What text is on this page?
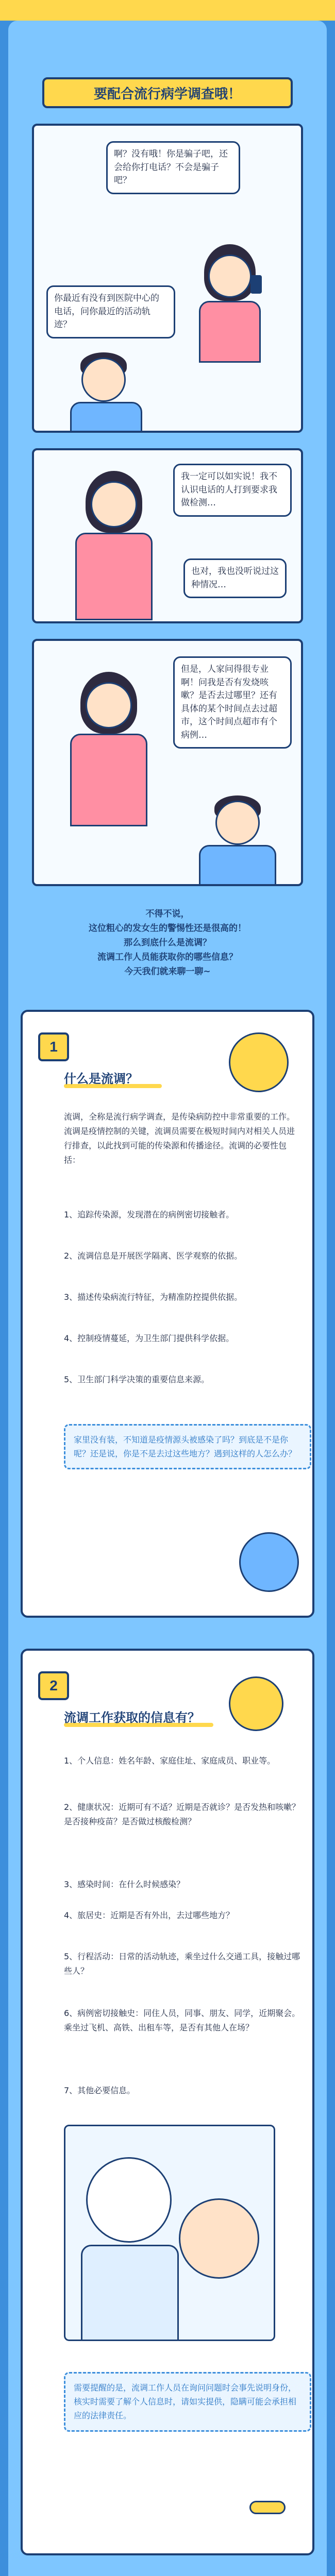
要配合流行病学调查哦！
啊？没有哦！你是骗子吧，还会给你打电话？不会是骗子吧？
你最近有没有到医院中心的电话，问你最近的活动轨迹？
我一定可以如实说！我不认识电话的人打到要求我做检测…
也对，我也没听说过这种情况…
但是，人家问得很专业啊！问我是否有发烧咳嗽？是否去过哪里？还有具体的某个时间点去过超市，这个时间点超市有个病例…
不得不说，
这位粗心的发女生的警惕性还是很高的！
那么到底什么是流调？
流调工作人员能获取你的哪些信息？
今天我们就来聊一聊~
1
什么是流调？
流调，全称是流行病学调查，是传染病防控中非常重要的工作。流调是疫情控制的关键，流调员需要在极短时间内对相关人员进行排查，以此找到可能的传染源和传播途径。流调的必要性包括：
1、追踪传染源，发现潜在的病例密切接触者。
2、流调信息是开展医学隔离、医学观察的依据。
3、描述传染病流行特征，为精准防控提供依据。
4、控制疫情蔓延，为卫生部门提供科学依据。
5、卫生部门科学决策的重要信息来源。
家里没有装，不知道是疫情源头被感染了吗？到底是不是你呢？还是说，你是不是去过这些地方？遇到这样的人怎么办？
2
流调工作获取的信息有？
1、个人信息：姓名年龄、家庭住址、家庭成员、职业等。
2、健康状况：近期可有不适？近期是否就诊？是否发热和咳嗽？是否接种疫苗？是否做过核酸检测？
3、感染时间：在什么时候感染？
4、旅居史：近期是否有外出，去过哪些地方？
5、行程活动：日常的活动轨迹，乘坐过什么交通工具，接触过哪些人？
6、病例密切接触史：同住人员，同事、朋友、同学，近期聚会。乘坐过飞机、高铁、出租车等，是否有其他人在场？
7、其他必要信息。
需要提醒的是，流调工作人员在询问问题时会事先说明身份，核实时需要了解个人信息时，请如实提供，隐瞒可能会承担相应的法律责任。
